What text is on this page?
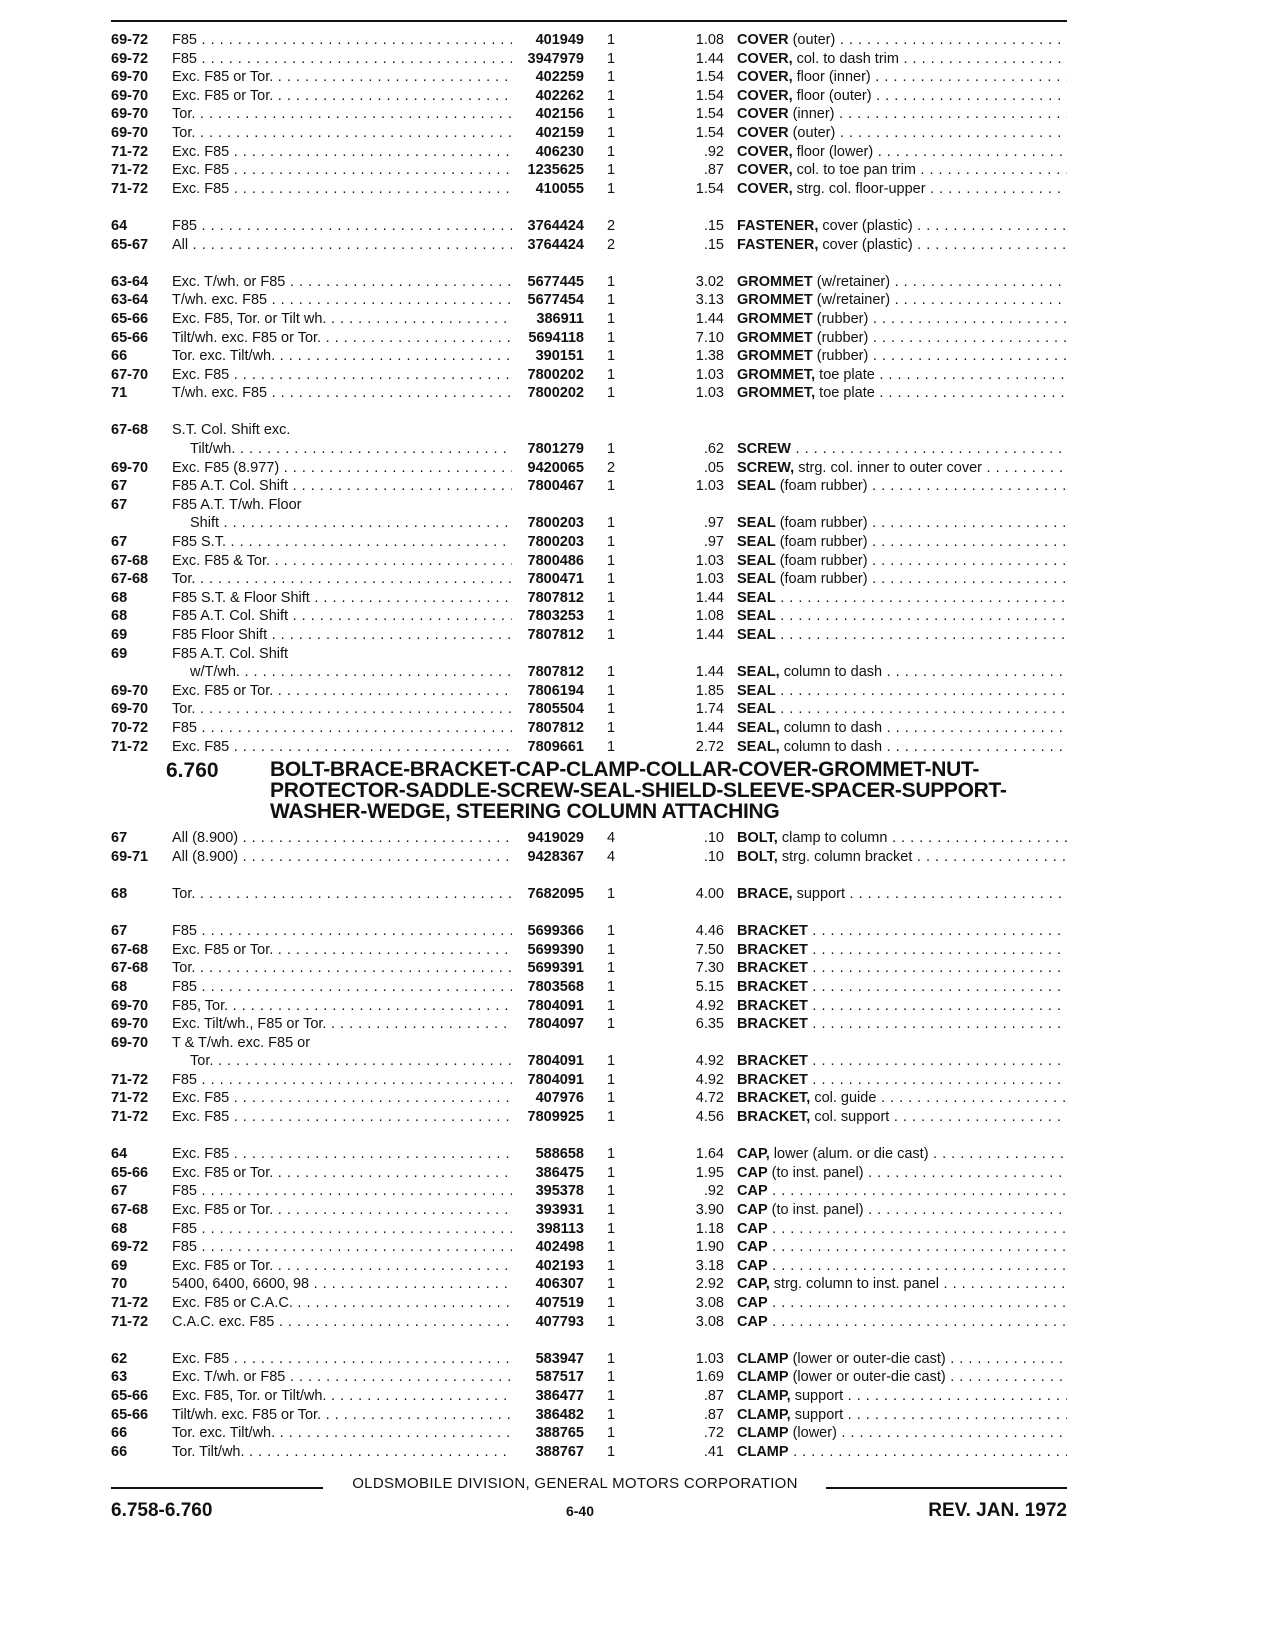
69-72	F85 . . .	401949 1	1.08 COVER (outer) . . .
69-72	F85 . . .	3947979 1	1.44 COVER, col. to dash trim . . .
69-70	Exc. F85 or Tor. . . .	402259 1	1.54 COVER, floor (inner) . . .
69-70	Exc. F85 or Tor. . . .	402262 1	1.54 COVER, floor (outer) . . .
69-70	Tor. . . .	402156 1	1.54 COVER (inner) . . .
69-70	Tor. . . .	402159 1	1.54 COVER (outer) . . .
71-72	Exc. F85 . . .	406230 1	.92 COVER, floor (lower) . . .
71-72	Exc. F85 . . .	1235625 1	.87 COVER, col. to toe pan trim . . .
71-72	Exc. F85 . . .	410055 1	1.54 COVER, strg. col. floor-upper . . .
64	F85 . . .	3764424 2	.15 FASTENER, cover (plastic) . . .
65-67	All . . .	3764424 2	.15 FASTENER, cover (plastic) . . .
63-64	Exc. T/wh. or F85 . . .	5677445 1	3.02 GROMMET (w/retainer) . . .
63-64	T/wh. exc. F85 . . .	5677454 1	3.13 GROMMET (w/retainer) . . .
65-66	Exc. F85, Tor. or Tilt wh. . . .	386911 1	1.44 GROMMET (rubber) . . .
65-66	Tilt/wh. exc. F85 or Tor. . . .	5694118 1	7.10 GROMMET (rubber) . . .
66	Tor. exc. Tilt/wh. . . .	390151 1	1.38 GROMMET (rubber) . . .
67-70	Exc. F85 . . .	7800202 1	1.03 GROMMET, toe plate . . .
71	T/wh. exc. F85 . . .	7800202 1	1.03 GROMMET, toe plate . . .
67-68	S.T. Col. Shift exc.
Tilt/wh. . . .	7801279 1	.62 SCREW . . .
69-70	Exc. F85 (8.977) . . .	9420065 2	.05 SCREW, strg. col. inner to outer cover . . .
67	F85 A.T. Col. Shift . . .	7800467 1	1.03 SEAL (foam rubber) . . .
67	F85 A.T. T/wh. Floor
Shift . . .	7800203 1	.97 SEAL (foam rubber) . . .
67	F85 S.T. . . .	7800203 1	.97 SEAL (foam rubber) . . .
67-68	Exc. F85 & Tor. . . .	7800486 1	1.03 SEAL (foam rubber) . . .
67-68	Tor. . . .	7800471 1	1.03 SEAL (foam rubber) . . .
68	F85 S.T. & Floor Shift . . .	7807812 1	1.44 SEAL . . .
68	F85 A.T. Col. Shift . . .	7803253 1	1.08 SEAL . . .
69	F85 Floor Shift . . .	7807812 1	1.44 SEAL . . .
69	F85 A.T. Col. Shift
w/T/wh. . . .	7807812 1	1.44 SEAL, column to dash . . .
69-70	Exc. F85 or Tor. . . .	7806194 1	1.85 SEAL . . .
69-70	Tor. . . .	7805504 1	1.74 SEAL . . .
70-72	F85 . . .	7807812 1	1.44 SEAL, column to dash . . .
71-72	Exc. F85 . . .	7809661 1	2.72 SEAL, column to dash . . .
6.760 BOLT-BRACE-BRACKET-CAP-CLAMP-COLLAR-COVER-GROMMET-NUT-
PROTECTOR-SADDLE-SCREW-SEAL-SHIELD-SLEEVE-SPACER-SUPPORT-
WASHER-WEDGE, STEERING COLUMN ATTACHING
67	All (8.900) . . .	9419029 4	.10 BOLT, clamp to column . . .
69-71	All (8.900) . . .	9428367 4	.10 BOLT, strg. column bracket . . .
68	Tor. . . .	7682095 1	4.00 BRACE, support . . .
67	F85 . . .	5699366 1	4.46 BRACKET . . .
67-68	Exc. F85 or Tor. . . .	5699390 1	7.50 BRACKET . . .
67-68	Tor. . . .	5699391 1	7.30 BRACKET . . .
68	F85 . . .	7803568 1	5.15 BRACKET . . .
69-70	F85, Tor. . . .	7804091 1	4.92 BRACKET . . .
69-70	Exc. Tilt/wh., F85 or Tor. . . .	7804097 1	6.35 BRACKET . . .
69-70	T & T/wh. exc. F85 or
Tor. . . .	7804091 1	4.92 BRACKET . . .
71-72	F85 . . .	7804091 1	4.92 BRACKET . . .
71-72	Exc. F85 . . .	407976 1	4.72 BRACKET, col. guide . . .
71-72	Exc. F85 . . .	7809925 1	4.56 BRACKET, col. support . . .
64	Exc. F85 . . .	588658 1	1.64 CAP, lower (alum. or die cast) . . .
65-66	Exc. F85 or Tor. . . .	386475 1	1.95 CAP (to inst. panel) . . .
67	F85 . . .	395378 1	.92 CAP . . .
67-68	Exc. F85 or Tor. . . .	393931 1	3.90 CAP (to inst. panel) . . .
68	F85 . . .	398113 1	1.18 CAP . . .
69-72	F85 . . .	402498 1	1.90 CAP . . .
69	Exc. F85 or Tor. . . .	402193 1	3.18 CAP . . .
70	5400, 6400, 6600, 98 . . .	406307 1	2.92 CAP, strg. column to inst. panel . . .
71-72	Exc. F85 or C.A.C. . . .	407519 1	3.08 CAP . . .
71-72	C.A.C. exc. F85 . . .	407793 1	3.08 CAP . . .
62	Exc. F85 . . .	583947 1	1.03 CLAMP (lower or outer-die cast) . . .
63	Exc. T/wh. or F85 . . .	587517 1	1.69 CLAMP (lower or outer-die cast) . . .
65-66	Exc. F85, Tor. or Tilt/wh. . . .	386477 1	.87 CLAMP, support . . .
65-66	Tilt/wh. exc. F85 or Tor. . . .	386482 1	.87 CLAMP, support . . .
66	Tor. exc. Tilt/wh. . . .	388765 1	.72 CLAMP (lower) . . .
66	Tor. Tilt/wh. . . .	388767 1	.41 CLAMP . . .
OLDSMOBILE DIVISION, GENERAL MOTORS CORPORATION
6.758-6.760	6-40	REV. JAN. 1972
